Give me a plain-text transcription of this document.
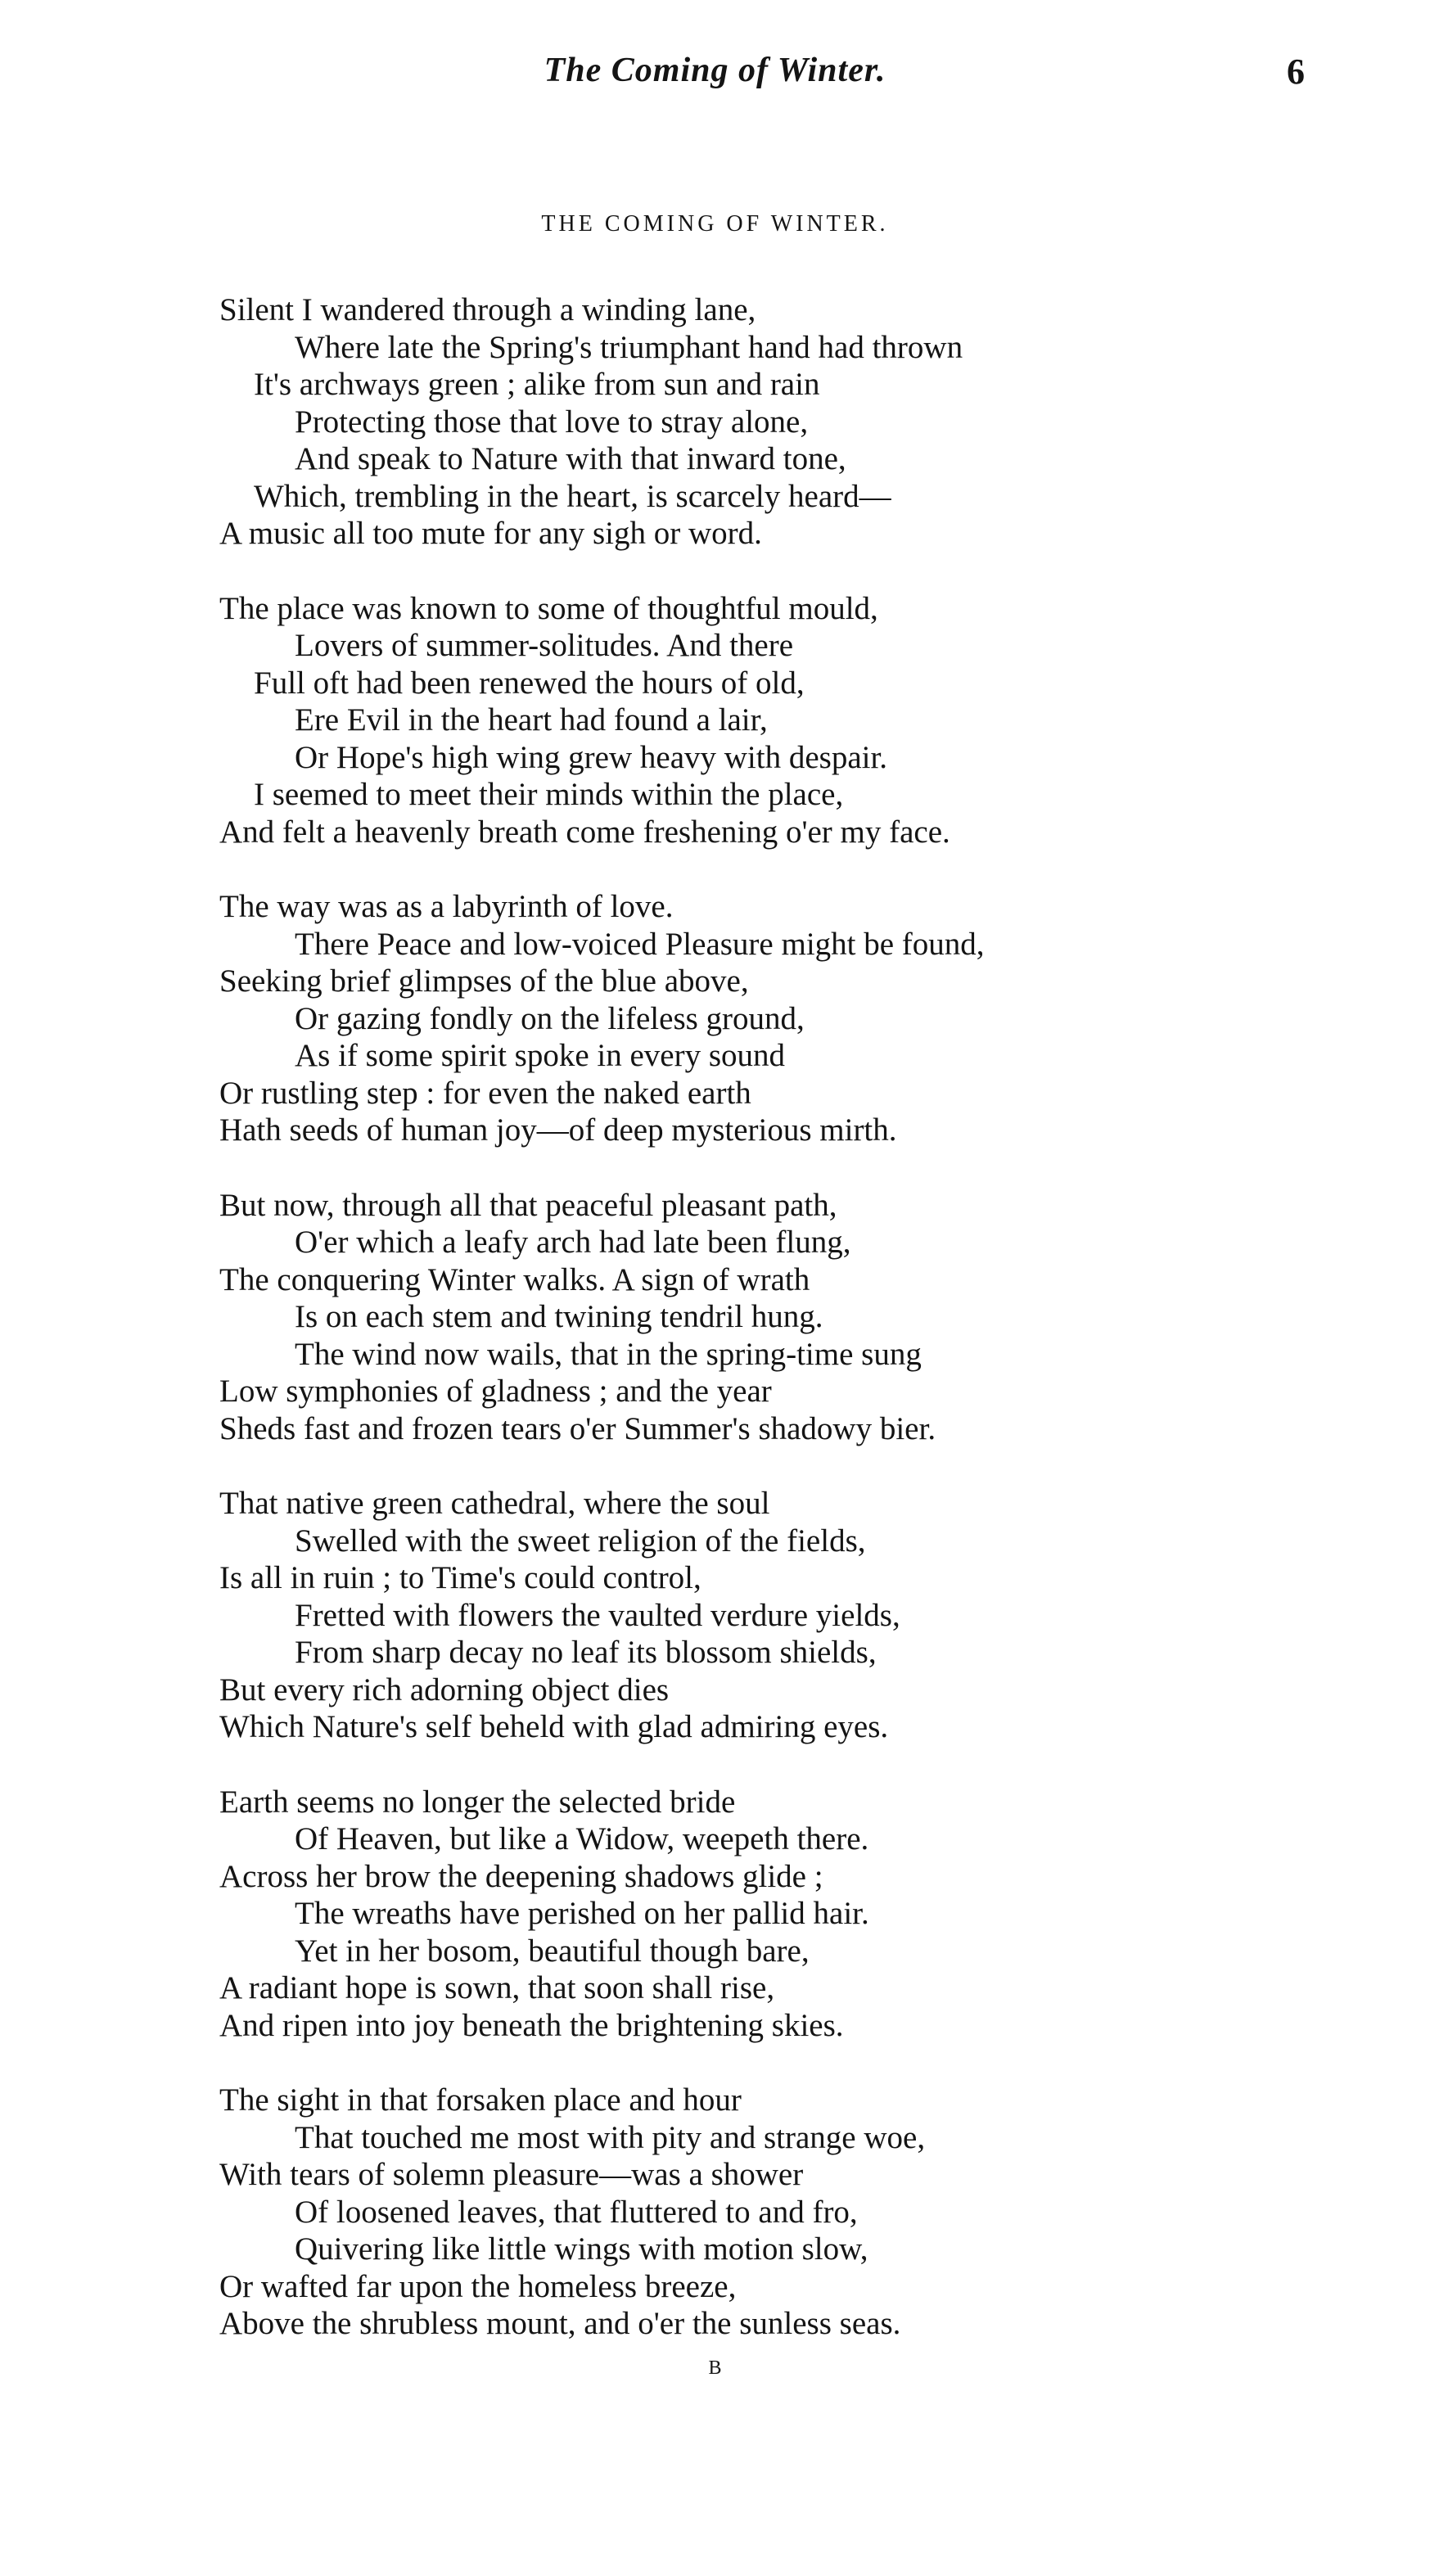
The Coming of Winter.	6
THE COMING OF WINTER.
Silent I wandered through a winding lane,
Where late the Spring's triumphant hand had thrown
It's archways green ; alike from sun and rain
Protecting those that love to stray alone,
And speak to Nature with that inward tone,
Which, trembling in the heart, is scarcely heard—
A music all too mute for any sigh or word.
The place was known to some of thoughtful mould,
Lovers of summer-solitudes. And there
Full oft had been renewed the hours of old,
Ere Evil in the heart had found a lair,
Or Hope's high wing grew heavy with despair.
I seemed to meet their minds within the place,
And felt a heavenly breath come freshening o'er my face.
The way was as a labyrinth of love.
There Peace and low-voiced Pleasure might be found,
Seeking brief glimpses of the blue above,
Or gazing fondly on the lifeless ground,
As if some spirit spoke in every sound
Or rustling step : for even the naked earth
Hath seeds of human joy—of deep mysterious mirth.
But now, through all that peaceful pleasant path,
O'er which a leafy arch had late been flung,
The conquering Winter walks. A sign of wrath
Is on each stem and twining tendril hung.
The wind now wails, that in the spring-time sung
Low symphonies of gladness ; and the year
Sheds fast and frozen tears o'er Summer's shadowy bier.
That native green cathedral, where the soul
Swelled with the sweet religion of the fields,
Is all in ruin ; to Time's could control,
Fretted with flowers the vaulted verdure yields,
From sharp decay no leaf its blossom shields,
But every rich adorning object dies
Which Nature's self beheld with glad admiring eyes.
Earth seems no longer the selected bride
Of Heaven, but like a Widow, weepeth there.
Across her brow the deepening shadows glide ;
The wreaths have perished on her pallid hair.
Yet in her bosom, beautiful though bare,
A radiant hope is sown, that soon shall rise,
And ripen into joy beneath the brightening skies.
The sight in that forsaken place and hour
That touched me most with pity and strange woe,
With tears of solemn pleasure—was a shower
Of loosened leaves, that fluttered to and fro,
Quivering like little wings with motion slow,
Or wafted far upon the homeless breeze,
Above the shrubless mount, and o'er the sunless seas.
B
